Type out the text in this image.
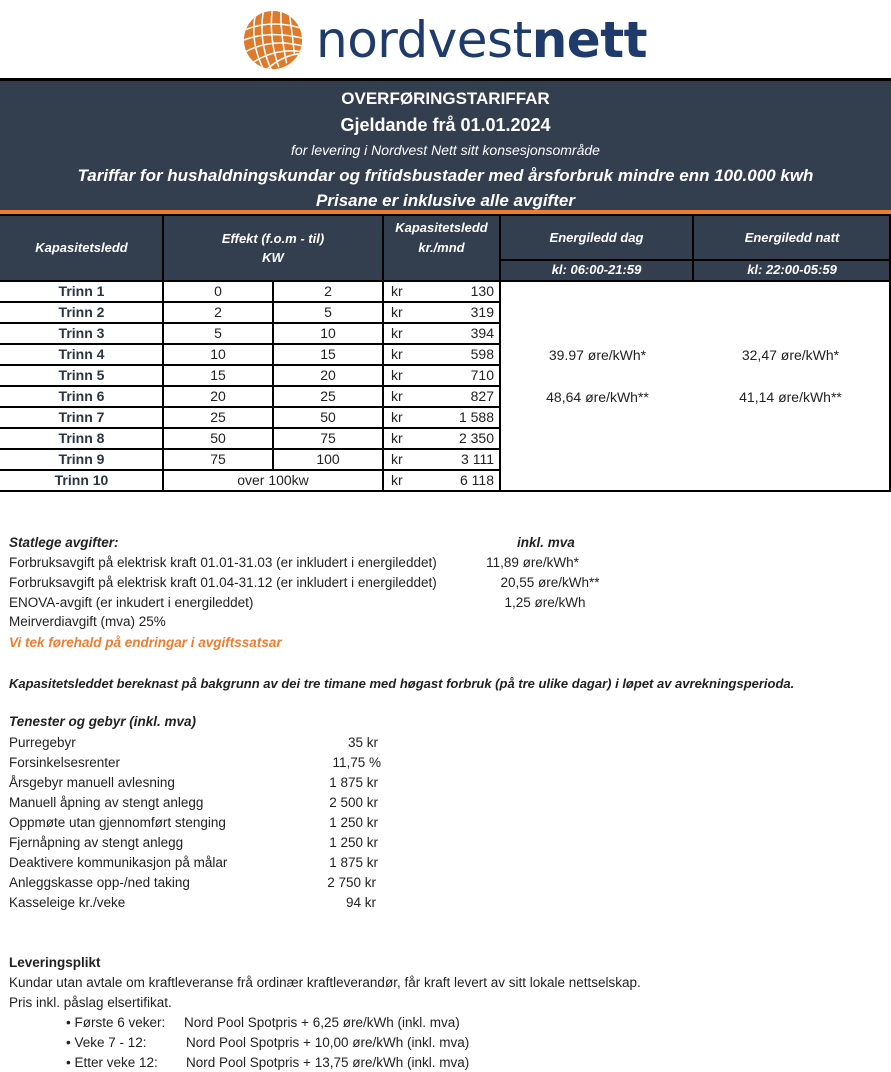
nordvestnett
OVERFØRINGSTARIFFAR
Gjeldande frå 01.01.2024
for levering i Nordvest Nett sitt konsesjonsområde
Tariffar for hushaldningskundar og fritidsbustader med årsforbruk mindre enn 100.000 kwh
Prisane er inklusive alle avgifter
Kapasitetsledd
Effekt (f.o.m - til)
KW
Kapasitetsledd
kr./mnd
Energiledd dag	Energiledd natt
kl: 06:00-21:59	kl: 22:00-05:59
Trinn 1	0	2	kr	130
Trinn 2	2	5	kr	319
Trinn 3	5	10	kr	394
Trinn 4	10	15	kr	598
Trinn 5	15	20	kr	710
Trinn 6	20	25	kr	827
Trinn 7	25	50	kr	1 588
Trinn 8	50	75	kr	2 350
Trinn 9	75	100	kr	3 111
Trinn 10	over 100kw	kr	6 118
39.97 øre/kWh*	32,47 øre/kWh*
48,64 øre/kWh**	41,14 øre/kWh**
Statlege avgifter:	inkl. mva
Forbruksavgift på elektrisk kraft 01.01-31.03 (er inkludert i energileddet)	11,89 øre/kWh*
Forbruksavgift på elektrisk kraft 01.04-31.12 (er inkludert i energileddet)	20,55 øre/kWh**
ENOVA-avgift (er inkudert i energileddet)	1,25 øre/kWh
Meirverdiavgift (mva) 25%
Vi tek førehald på endringar i avgiftssatsar
Kapasitetsleddet bereknast på bakgrunn av dei tre timane med høgast forbruk (på tre ulike dagar) i løpet av avrekningsperioda.
Tenester og gebyr (inkl. mva)
Purregebyr	35 kr
Forsinkelsesrenter	11,75 %
Årsgebyr manuell avlesning	1 875 kr
Manuell åpning av stengt anlegg	2 500 kr
Oppmøte utan gjennomført stenging	1 250 kr
Fjernåpning av stengt anlegg	1 250 kr
Deaktivere kommunikasjon på målar	1 875 kr
Anleggskasse opp-/ned taking	2 750 kr
Kasseleige kr./veke	94 kr
Leveringsplikt
Kundar utan avtale om kraftleveranse frå ordinær kraftleverandør, får kraft levert av sitt lokale nettselskap.
Pris inkl. påslag elsertifikat.
• Første 6 veker: Nord Pool Spotpris + 6,25 øre/kWh (inkl. mva)
• Veke 7 - 12:	Nord Pool Spotpris + 10,00 øre/kWh (inkl. mva)
• Etter veke 12: Nord Pool Spotpris + 13,75 øre/kWh (inkl. mva)
